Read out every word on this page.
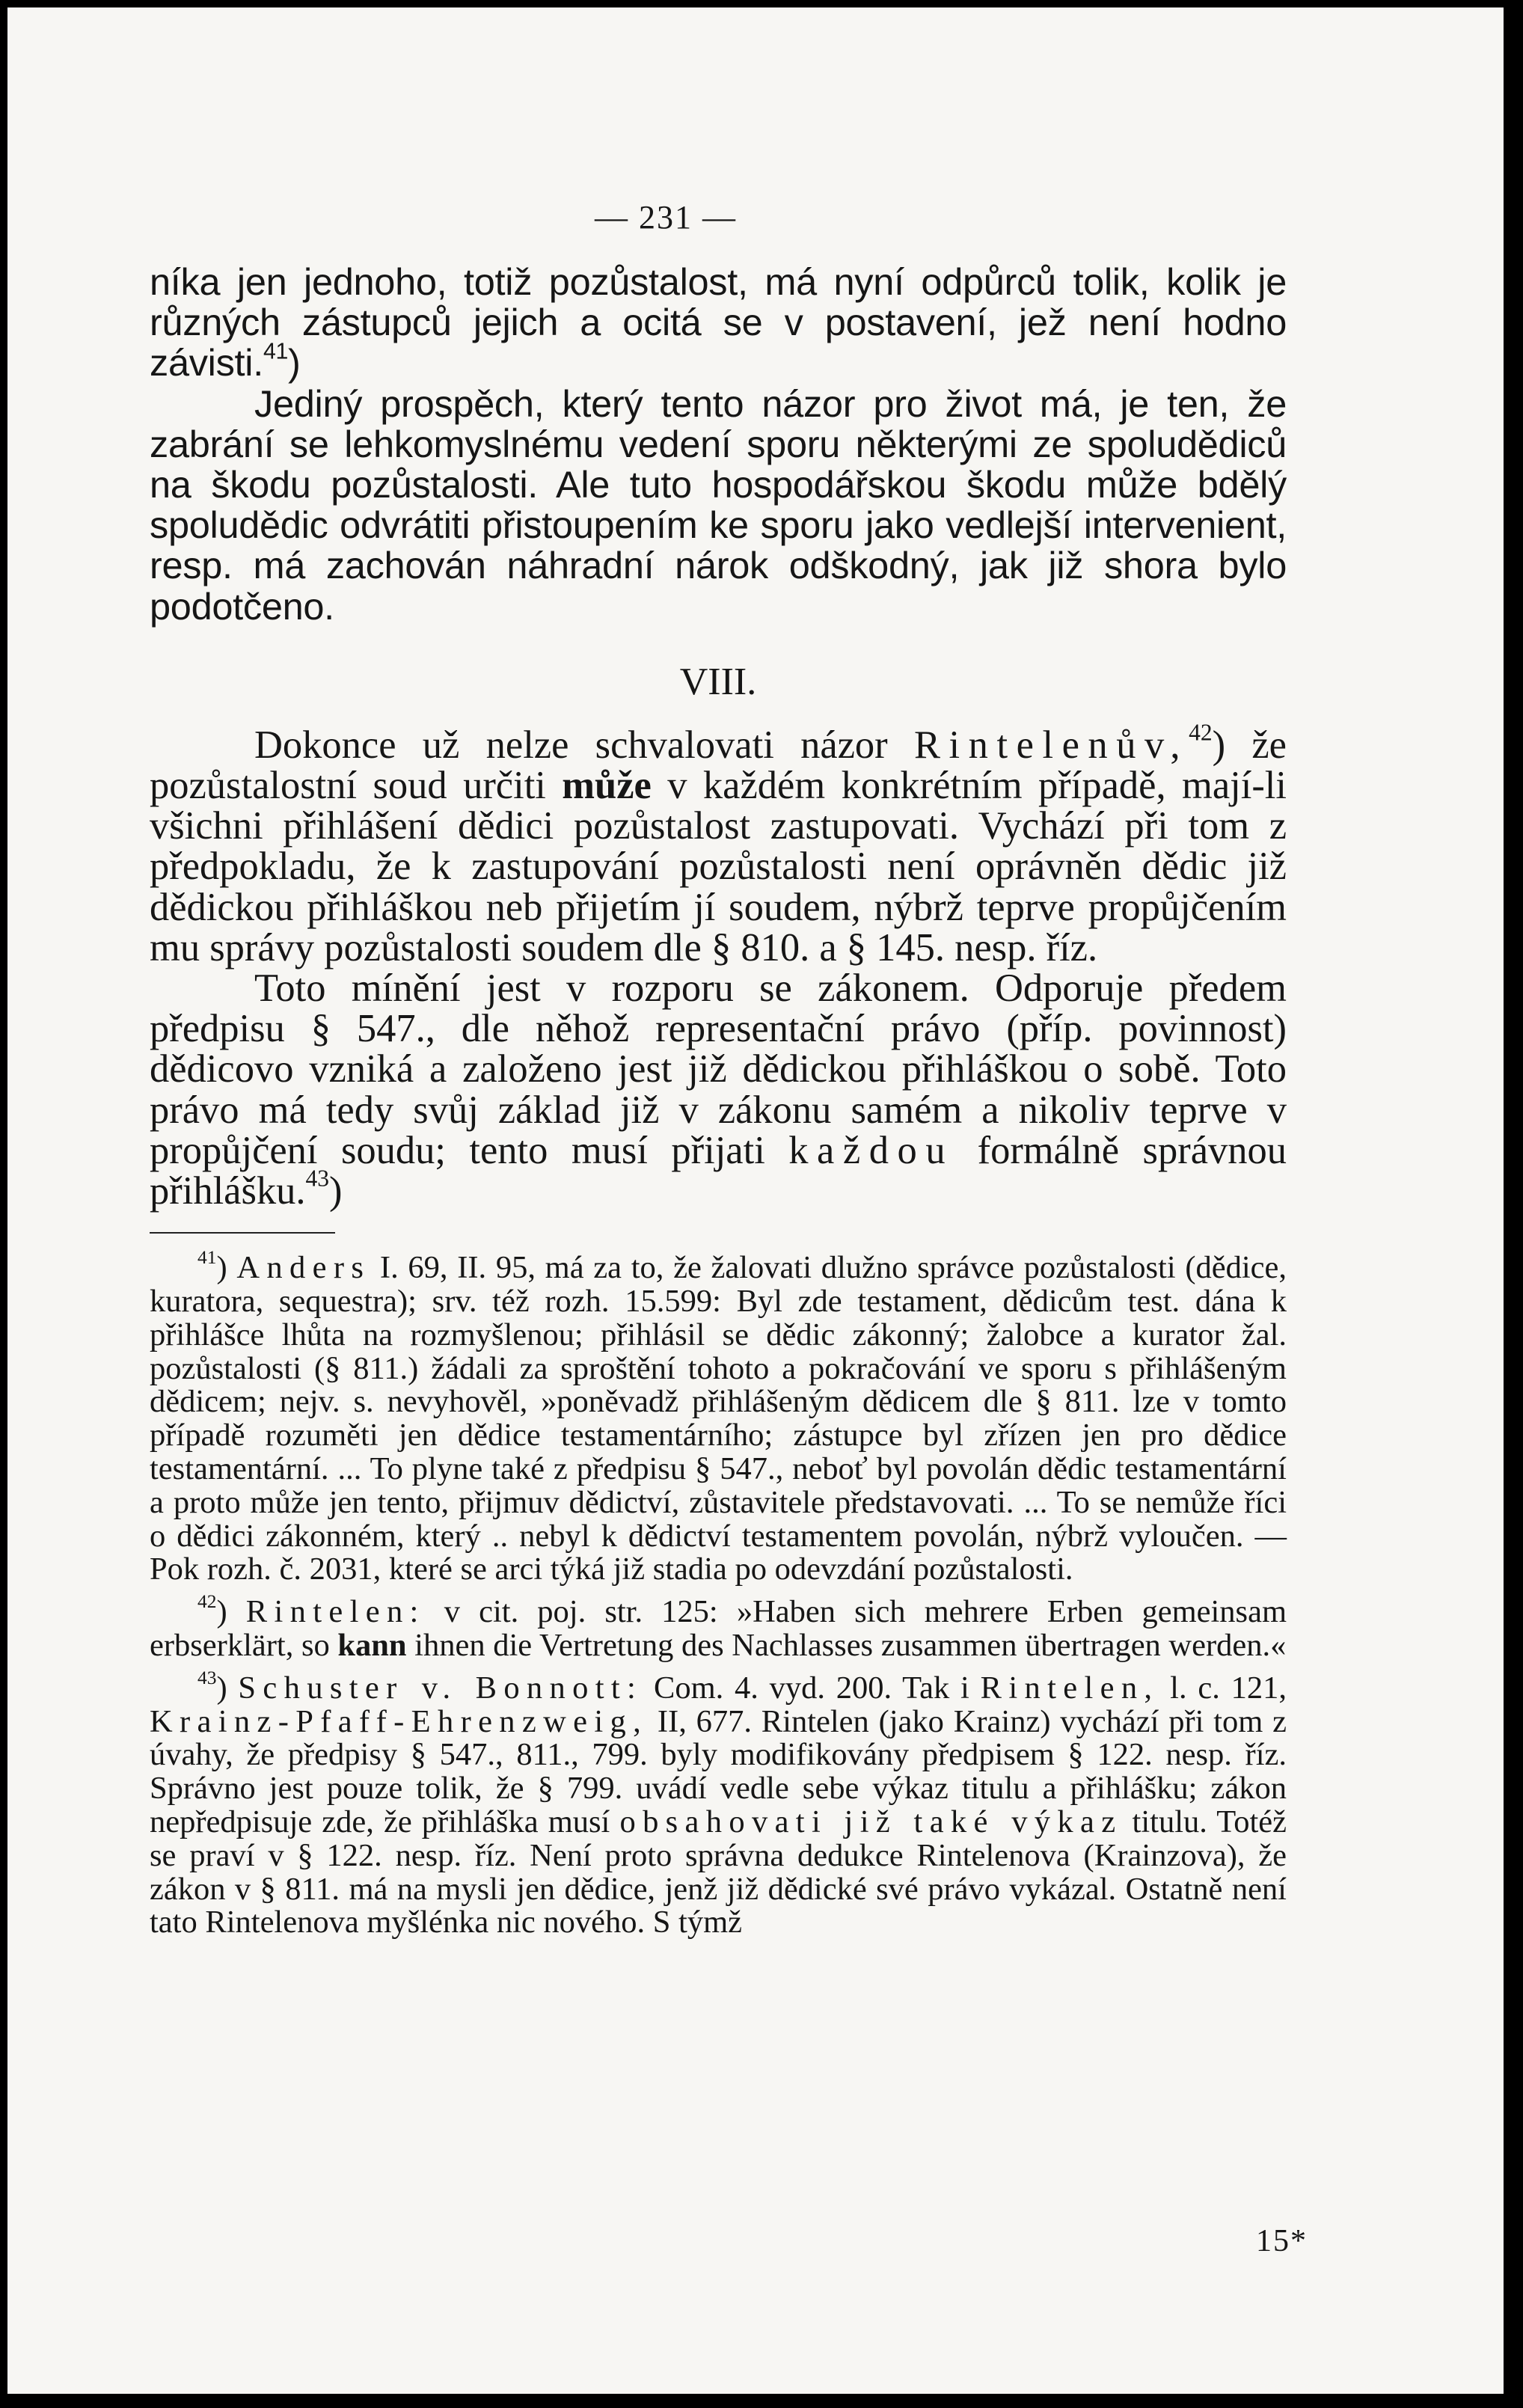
— 231 —

níka jen jednoho, totiž pozůstalost, má nyní odpůrců tolik, kolik je různých zástupců jejich a ocitá se v postavení, jež není hodno závisti.$^{41}$)

Jediný prospěch, který tento názor pro život má, je ten, že zabrání se lehkomyslnému vedení sporu některými ze spoludědiců na škodu pozůstalosti. Ale tuto hospodářskou škodu může bdělý spoludědic odvrátiti přistoupením ke sporu jako vedlejší intervenient, resp. má zachován náhradní nárok odškodný, jak již shora bylo podotčeno.

VIII.

Dokonce už nelze schvalovati názor Rintelenův,$^{42}$) že pozůstalostní soud určiti může v každém konkrétním případě, mají-li všichni přihlášení dědici pozůstalost zastupovati. Vychází při tom z předpokladu, že k zastupování pozůstalosti není oprávněn dědic již dědickou přihláškou neb přijetím jí soudem, nýbrž teprve propůjčením mu správy pozůstalosti soudem dle § 810. a § 145. nesp. říz.

Toto mínění jest v rozporu se zákonem. Odporuje předem předpisu § 547., dle něhož representační právo (příp. povinnost) dědicovo vzniká a založeno jest již dědickou přihláškou o sobě. Toto právo má tedy svůj základ již v zákonu samém a nikoliv teprve v propůjčení soudu; tento musí přijati každou formálně správnou přihlášku.$^{43}$)

$^{41}$) Anders I. 69, II. 95, má za to, že žalovati dlužno správce pozůstalosti (dědice, kuratora, sequestra); srv. též rozh. 15.599: Byl zde testament, dědicům test. dána k přihlášce lhůta na rozmyšlenou; přihlásil se dědic zákonný; žalobce a kurator žal. pozůstalosti (§ 811.) žádali za sproštění tohoto a pokračování ve sporu s přihlášeným dědicem; nejv. s. nevyhověl, »poněvadž přihlášeným dědicem dle § 811. lze v tomto případě rozuměti jen dědice testamentárního; zástupce byl zřízen jen pro dědice testamentární. ... To plyne také z předpisu § 547., neboť byl povolán dědic testamentární a proto může jen tento, přijmuv dědictví, zůstavitele představovati. ... To se nemůže říci o dědici zákonném, který .. nebyl k dědictví testamentem povolán, nýbrž vyloučen. — Pok rozh. č. 2031, které se arci týká již stadia po odevzdání pozůstalosti.

$^{42}$) Rintelen: v cit. poj. str. 125: »Haben sich mehrere Erben gemeinsam erbserklärt, so kann ihnen die Vertretung des Nachlasses zusammen übertragen werden.«

$^{43}$) Schuster v. Bonnott: Com. 4. vyd. 200. Tak i Rintelen, l. c. 121, Krainz-Pfaff-Ehrenzweig, II, 677. Rintelen (jako Krainz) vychází při tom z úvahy, že předpisy § 547., 811., 799. byly modifikovány předpisem § 122. nesp. říz. Správno jest pouze tolik, že § 799. uvádí vedle sebe výkaz titulu a přihlášku; zákon nepředpisuje zde, že přihláška musí obsahovati již také výkaz titulu. Totéž se praví v § 122. nesp. říz. Není proto správna dedukce Rintelenova (Krainzova), že zákon v § 811. má na mysli jen dědice, jenž již dědické své právo vykázal. Ostatně není tato Rintelenova myšlénka nic nového. S týmž

15*
